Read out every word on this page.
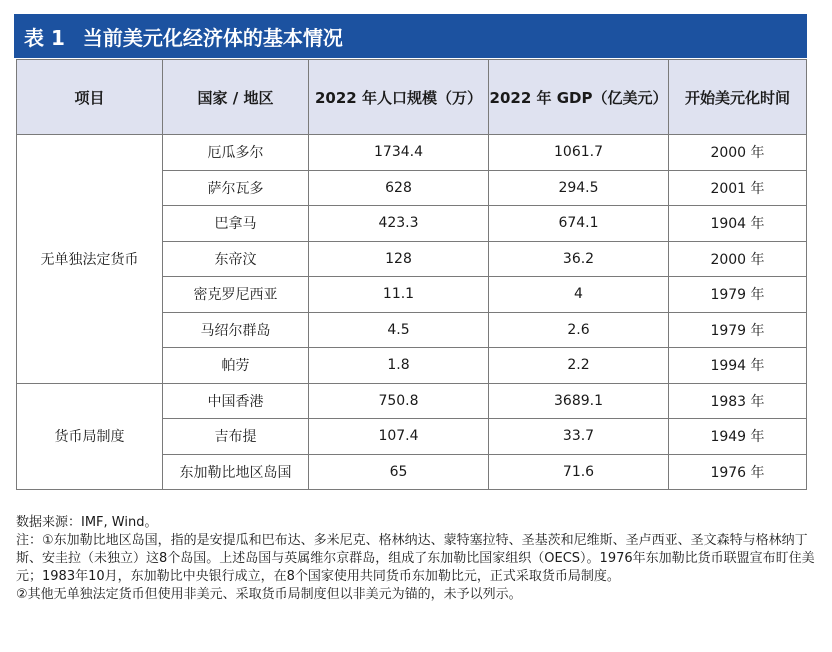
表 1 当前美元化经济体的基本情况
项目	国家 / 地区	2022 年人口规模（万）	2022 年 GDP（亿美元）	开始美元化时间
无单独法定货币	厄瓜多尔	1734.4	1061.7	2000 年
	萨尔瓦多	628	294.5	2001 年
	巴拿马	423.3	674.1	1904 年
	东帝汶	128	36.2	2000 年
	密克罗尼西亚	11.1	4	1979 年
	马绍尔群岛	4.5	2.6	1979 年
	帕劳	1.8	2.2	1994 年
货币局制度	中国香港	750.8	3689.1	1983 年
	吉布提	107.4	33.7	1949 年
	东加勒比地区岛国	65	71.6	1976 年

数据来源：IMF, Wind。

注：①东加勒比地区岛国，指的是安提瓜和巴布达、多米尼克、格林纳达、蒙特塞拉特、圣基茨和尼维斯、圣卢西亚、圣文森特与格林纳丁斯、安圭拉（未独立）这8个岛国。上述岛国与英属维尔京群岛，组成了东加勒比国家组织（OECS）。1976年东加勒比货币联盟宣布盯住美元；1983年10月，东加勒比中央银行成立，在8个国家使用共同货币东加勒比元，正式采取货币局制度。

②其他无单独法定货币但使用非美元、采取货币局制度但以非美元为锚的，未予以列示。
